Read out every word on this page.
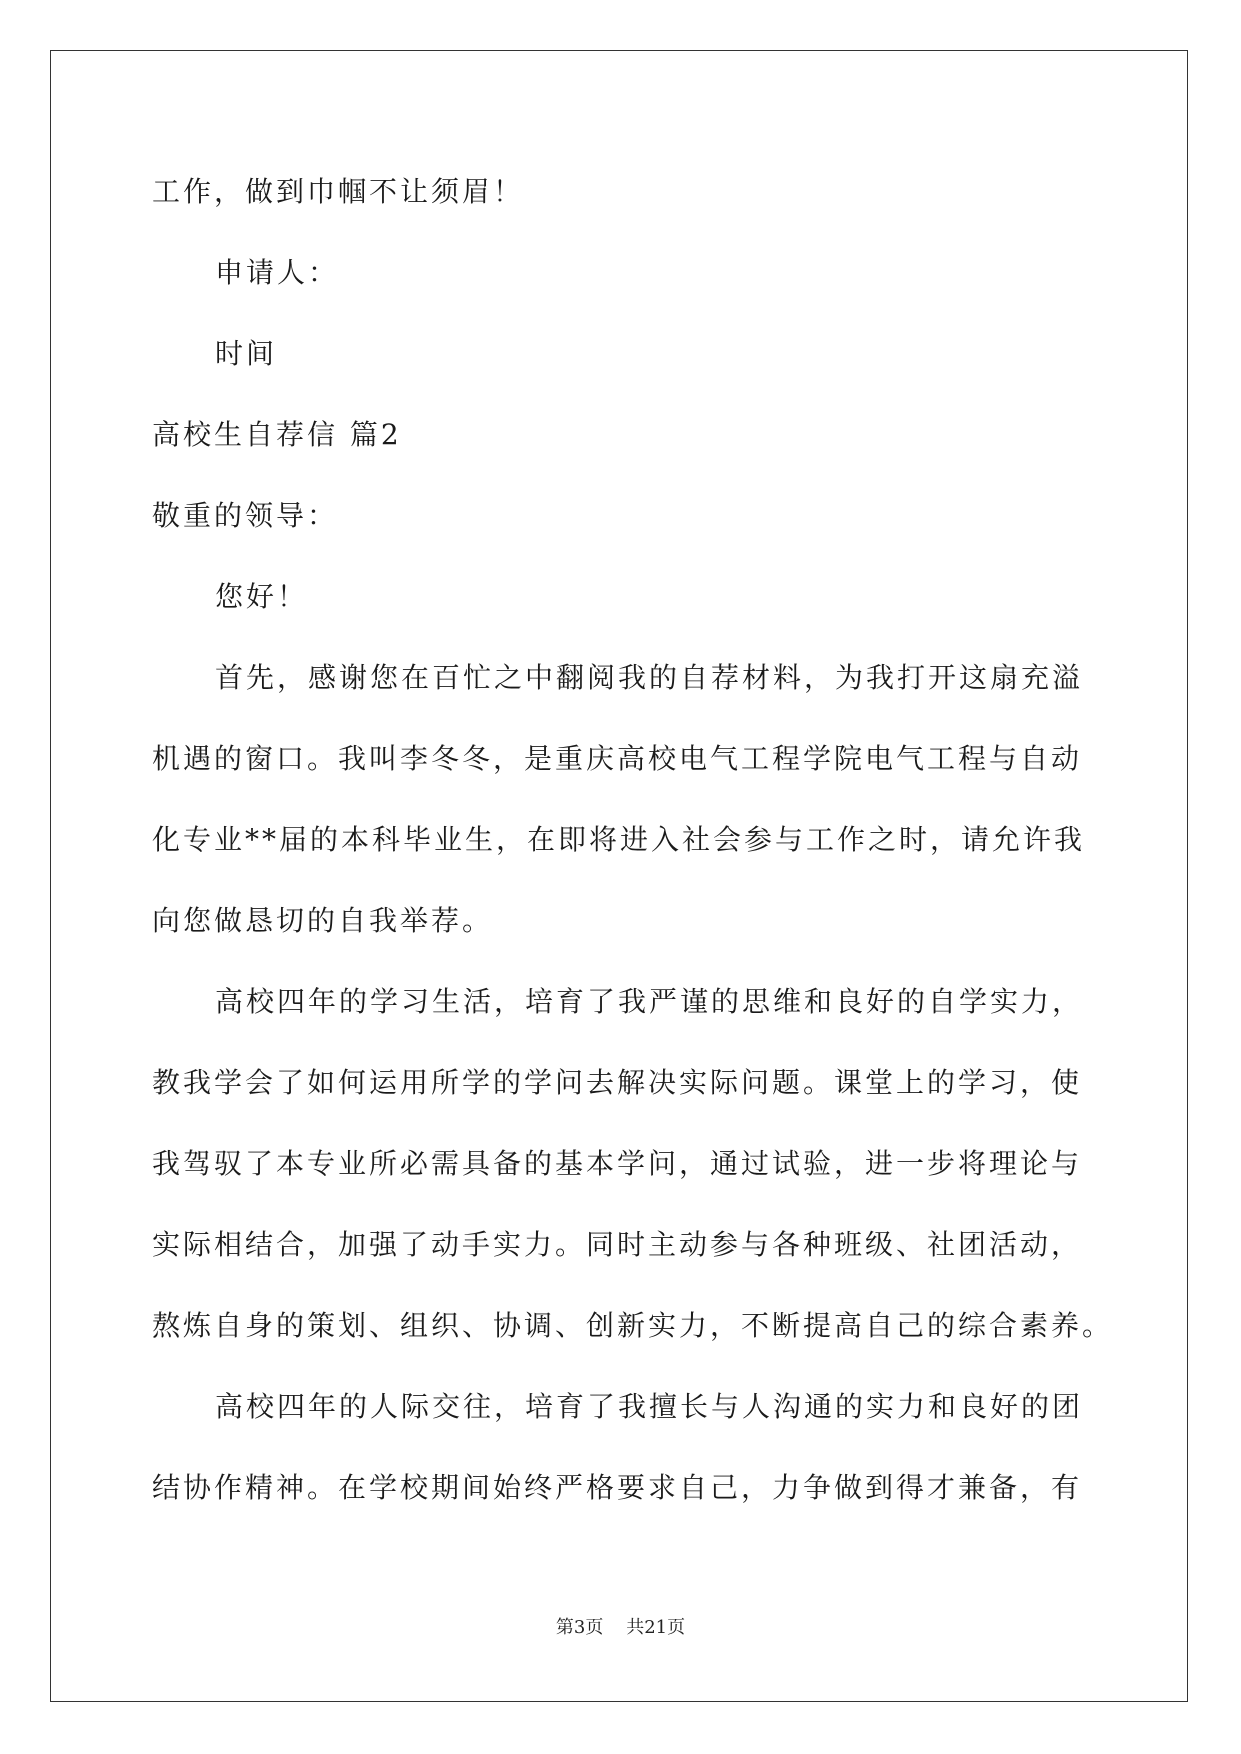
工作，做到巾帼不让须眉！
申请人：
时间
高校生自荐信 篇2
敬重的领导：
您好！
首先，感谢您在百忙之中翻阅我的自荐材料，为我打开这扇充溢
机遇的窗口。我叫李冬冬，是重庆高校电气工程学院电气工程与自动
化专业**届的本科毕业生，在即将进入社会参与工作之时，请允许我
向您做恳切的自我举荐。
高校四年的学习生活，培育了我严谨的思维和良好的自学实力，
教我学会了如何运用所学的学问去解决实际问题。课堂上的学习，使
我驾驭了本专业所必需具备的基本学问，通过试验，进一步将理论与
实际相结合，加强了动手实力。同时主动参与各种班级、社团活动，
熬炼自身的策划、组织、协调、创新实力，不断提高自己的综合素养。
高校四年的人际交往，培育了我擅长与人沟通的实力和良好的团
结协作精神。在学校期间始终严格要求自己，力争做到得才兼备，有
第3页    共21页
